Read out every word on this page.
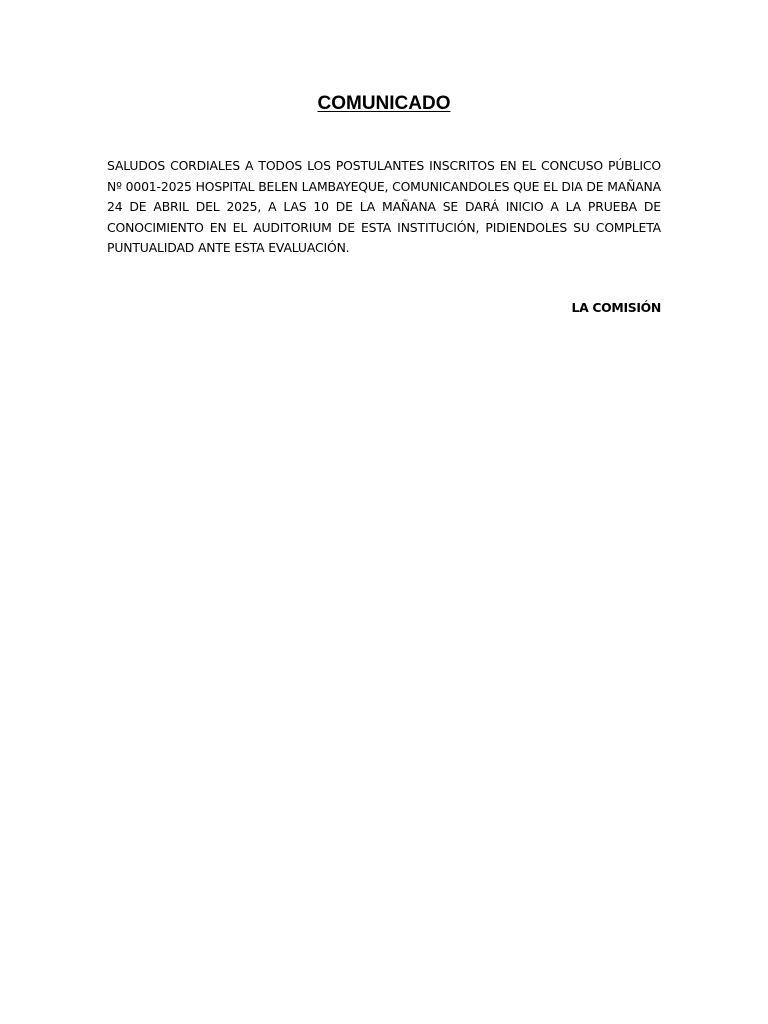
COMUNICADO

SALUDOS CORDIALES A TODOS LOS POSTULANTES INSCRITOS EN EL CONCUSO PÚBLICO Nº 0001-2025 HOSPITAL BELEN LAMBAYEQUE, COMUNICANDOLES QUE EL DIA DE MAÑANA 24 DE ABRIL DEL 2025, A LAS 10 DE LA MAÑANA SE DARÁ INICIO A LA PRUEBA DE CONOCIMIENTO EN EL AUDITORIUM DE ESTA INSTITUCIÓN, PIDIENDOLES SU COMPLETA PUNTUALIDAD ANTE ESTA EVALUACIÓN.

LA COMISIÓN
